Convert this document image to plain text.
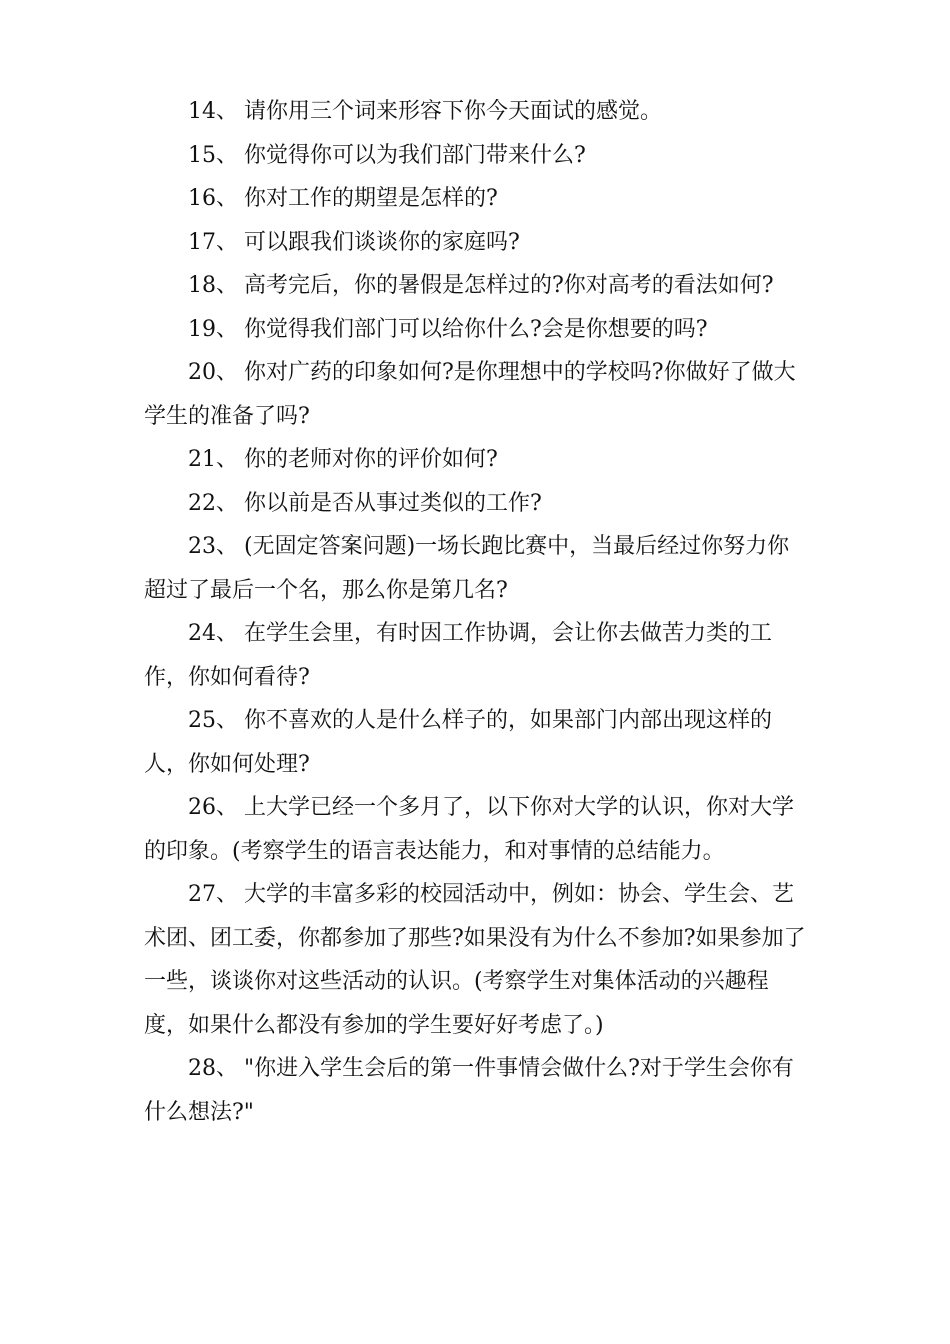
14、 请你用三个词来形容下你今天面试的感觉。

15、 你觉得你可以为我们部门带来什么?

16、 你对工作的期望是怎样的?

17、 可以跟我们谈谈你的家庭吗?

18、 高考完后，你的暑假是怎样过的?你对高考的看法如何?

19、 你觉得我们部门可以给你什么?会是你想要的吗?

20、 你对广药的印象如何?是你理想中的学校吗?你做好了做大学生的准备了吗?

21、 你的老师对你的评价如何?

22、 你以前是否从事过类似的工作?

23、 (无固定答案问题)一场长跑比赛中，当最后经过你努力你超过了最后一个名，那么你是第几名?

24、 在学生会里，有时因工作协调，会让你去做苦力类的工作，你如何看待?

25、 你不喜欢的人是什么样子的，如果部门内部出现这样的人，你如何处理?

26、 上大学已经一个多月了，以下你对大学的认识，你对大学的印象。(考察学生的语言表达能力，和对事情的总结能力。

27、 大学的丰富多彩的校园活动中，例如：协会、学生会、艺术团、团工委，你都参加了那些?如果没有为什么不参加?如果参加了一些，谈谈你对这些活动的认识。(考察学生对集体活动的兴趣程度，如果什么都没有参加的学生要好好考虑了。)

28、 "你进入学生会后的第一件事情会做什么?对于学生会你有什么想法?"
